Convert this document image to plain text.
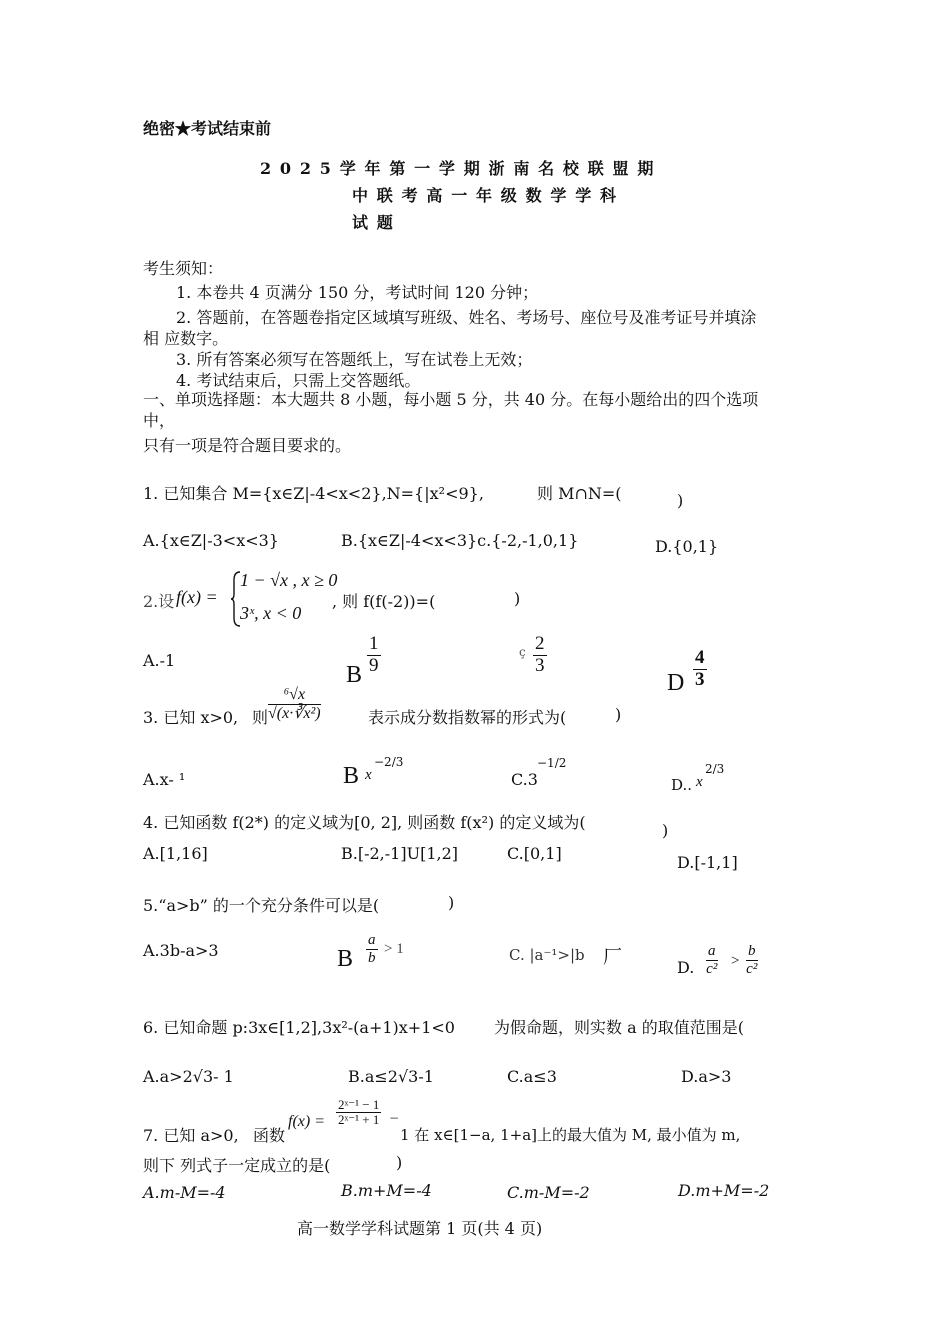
绝密★考试结束前
2025学年第一学期浙南名校联盟期
中联考高一年级数学学科
试题
考生须知：
1. 本卷共 4 页满分 150 分，考试时间 120 分钟；
2. 答题前，在答题卷指定区域填写班级、姓名、考场号、座位号及准考证号并填涂
相 应数字。
3. 所有答案必须写在答题纸上，写在试卷上无效；
4. 考试结束后，只需上交答题纸。
一、单项选择题：本大题共 8 小题，每小题 5 分，共 40 分。在每小题给出的四个选项
中，
只有一项是符合题目要求的。
1. 已知集合 M={x∈Z|-4<x<2},N={|x²<9},	则 M∩N=(	)
A.{x∈Z|-3<x<3}	B.{x∈Z|-4<x<3}c.{-2,-1,0,1}	D.{0,1}
2.设 f(x) =
1 − √x , x ≥ 0
3ˣ, x < 0
, 则 f(f(-2))=(	)
A.-1
B $\frac{1}{9}$	ç $\frac{2}{3}$
D $\frac{4}{3}$
3. 已知 x>0, 则 $\frac{\text{⁶√x}}{\text{√(x·∛x²)}}$	表示成分数指数幂的形式为(	)
A.x- ¹	B x
−2/3
C.3
−1/2
D.. x
2/3
4. 已知函数 f(2*) 的定义域为[0, 2], 则函数 f(x²) 的定义域为(	)
A.[1,16]	B.[-2,-1]U[1,2]	C.[0,1]	D.[-1,1]
5.“a>b” 的一个充分条件可以是(	)
A.3b-a>3	B $\frac{a}{b} > 1$	C. |a⁻¹>|b 厂	D. $\frac{a}{\text{c²}} > \frac{b}{\text{c²}}$
6. 已知命题 p:3x∈[1,2],3x²-(a+1)x+1<0 为假命题，则实数 a 的取值范围是(
A.a>2√3- 1	B.a≤2√3-1	C.a≤3	D.a>3
7. 已知 a>0, 函数
$f(x) = \frac{\text{2ˣ⁻¹ − 1}}{\text{2ˣ⁻¹ + 1}}$ −
1 在 x∈[1−a, 1+a]上的最大值为 M, 最小值为 m,
则下 列式子一定成立的是(	)
A.m-M=-4	B.m+M=-4	C.m-M=-2	D.m+M=-2
高一数学学科试题第 1 页(共 4 页)
